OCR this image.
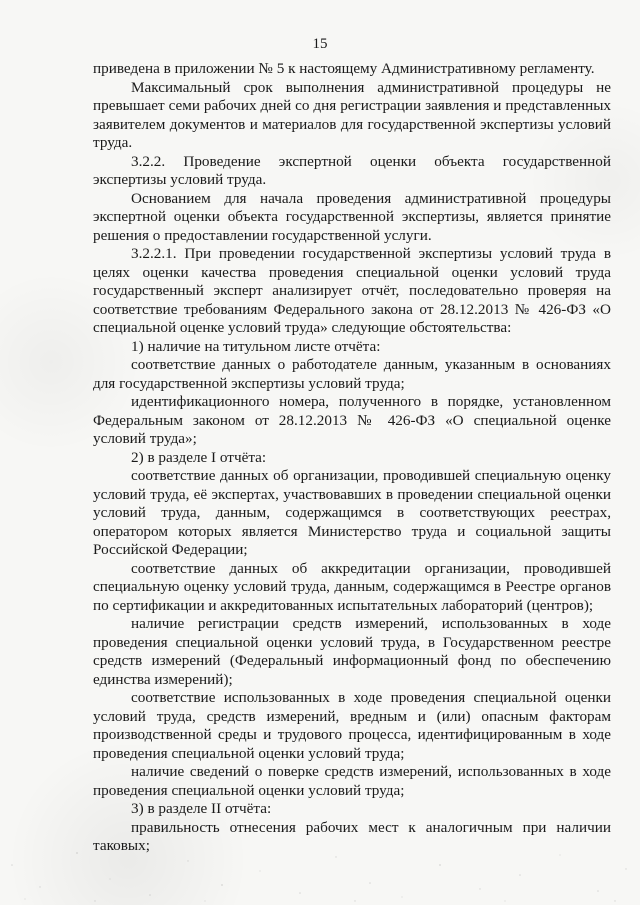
15

приведена в приложении № 5 к настоящему Административному регламенту.

Максимальный срок выполнения административной процедуры не превышает семи рабочих дней со дня регистрации заявления и представленных заявителем документов и материалов для государственной экспертизы условий труда.

3.2.2. Проведение экспертной оценки объекта государственной экспертизы условий труда.

Основанием для начала проведения административной процедуры экспертной оценки объекта государственной экспертизы, является принятие решения о предоставлении государственной услуги.

3.2.2.1. При проведении государственной экспертизы условий труда в целях оценки качества проведения специальной оценки условий труда государственный эксперт анализирует отчёт, последовательно проверяя на соответствие требованиям Федерального закона от 28.12.2013 № 426-ФЗ «О специальной оценке условий труда» следующие обстоятельства:

1) наличие на титульном листе отчёта:

соответствие данных о работодателе данным, указанным в основаниях для государственной экспертизы условий труда;

идентификационного номера, полученного в порядке, установленном Федеральным законом от 28.12.2013 № 426-ФЗ «О специальной оценке условий труда»;

2) в разделе I отчёта:

соответствие данных об организации, проводившей специальную оценку условий труда, её экспертах, участвовавших в проведении специальной оценки условий труда, данным, содержащимся в соответствующих реестрах, оператором которых является Министерство труда и социальной защиты Российской Федерации;

соответствие данных об аккредитации организации, проводившей специальную оценку условий труда, данным, содержащимся в Реестре органов по сертификации и аккредитованных испытательных лабораторий (центров);

наличие регистрации средств измерений, использованных в ходе проведения специальной оценки условий труда, в Государственном реестре средств измерений (Федеральный информационный фонд по обеспечению единства измерений);

соответствие использованных в ходе проведения специальной оценки условий труда, средств измерений, вредным и (или) опасным факторам производственной среды и трудового процесса, идентифицированным в ходе проведения специальной оценки условий труда;

наличие сведений о поверке средств измерений, использованных в ходе проведения специальной оценки условий труда;

3) в разделе II отчёта:

правильность отнесения рабочих мест к аналогичным при наличии таковых;
